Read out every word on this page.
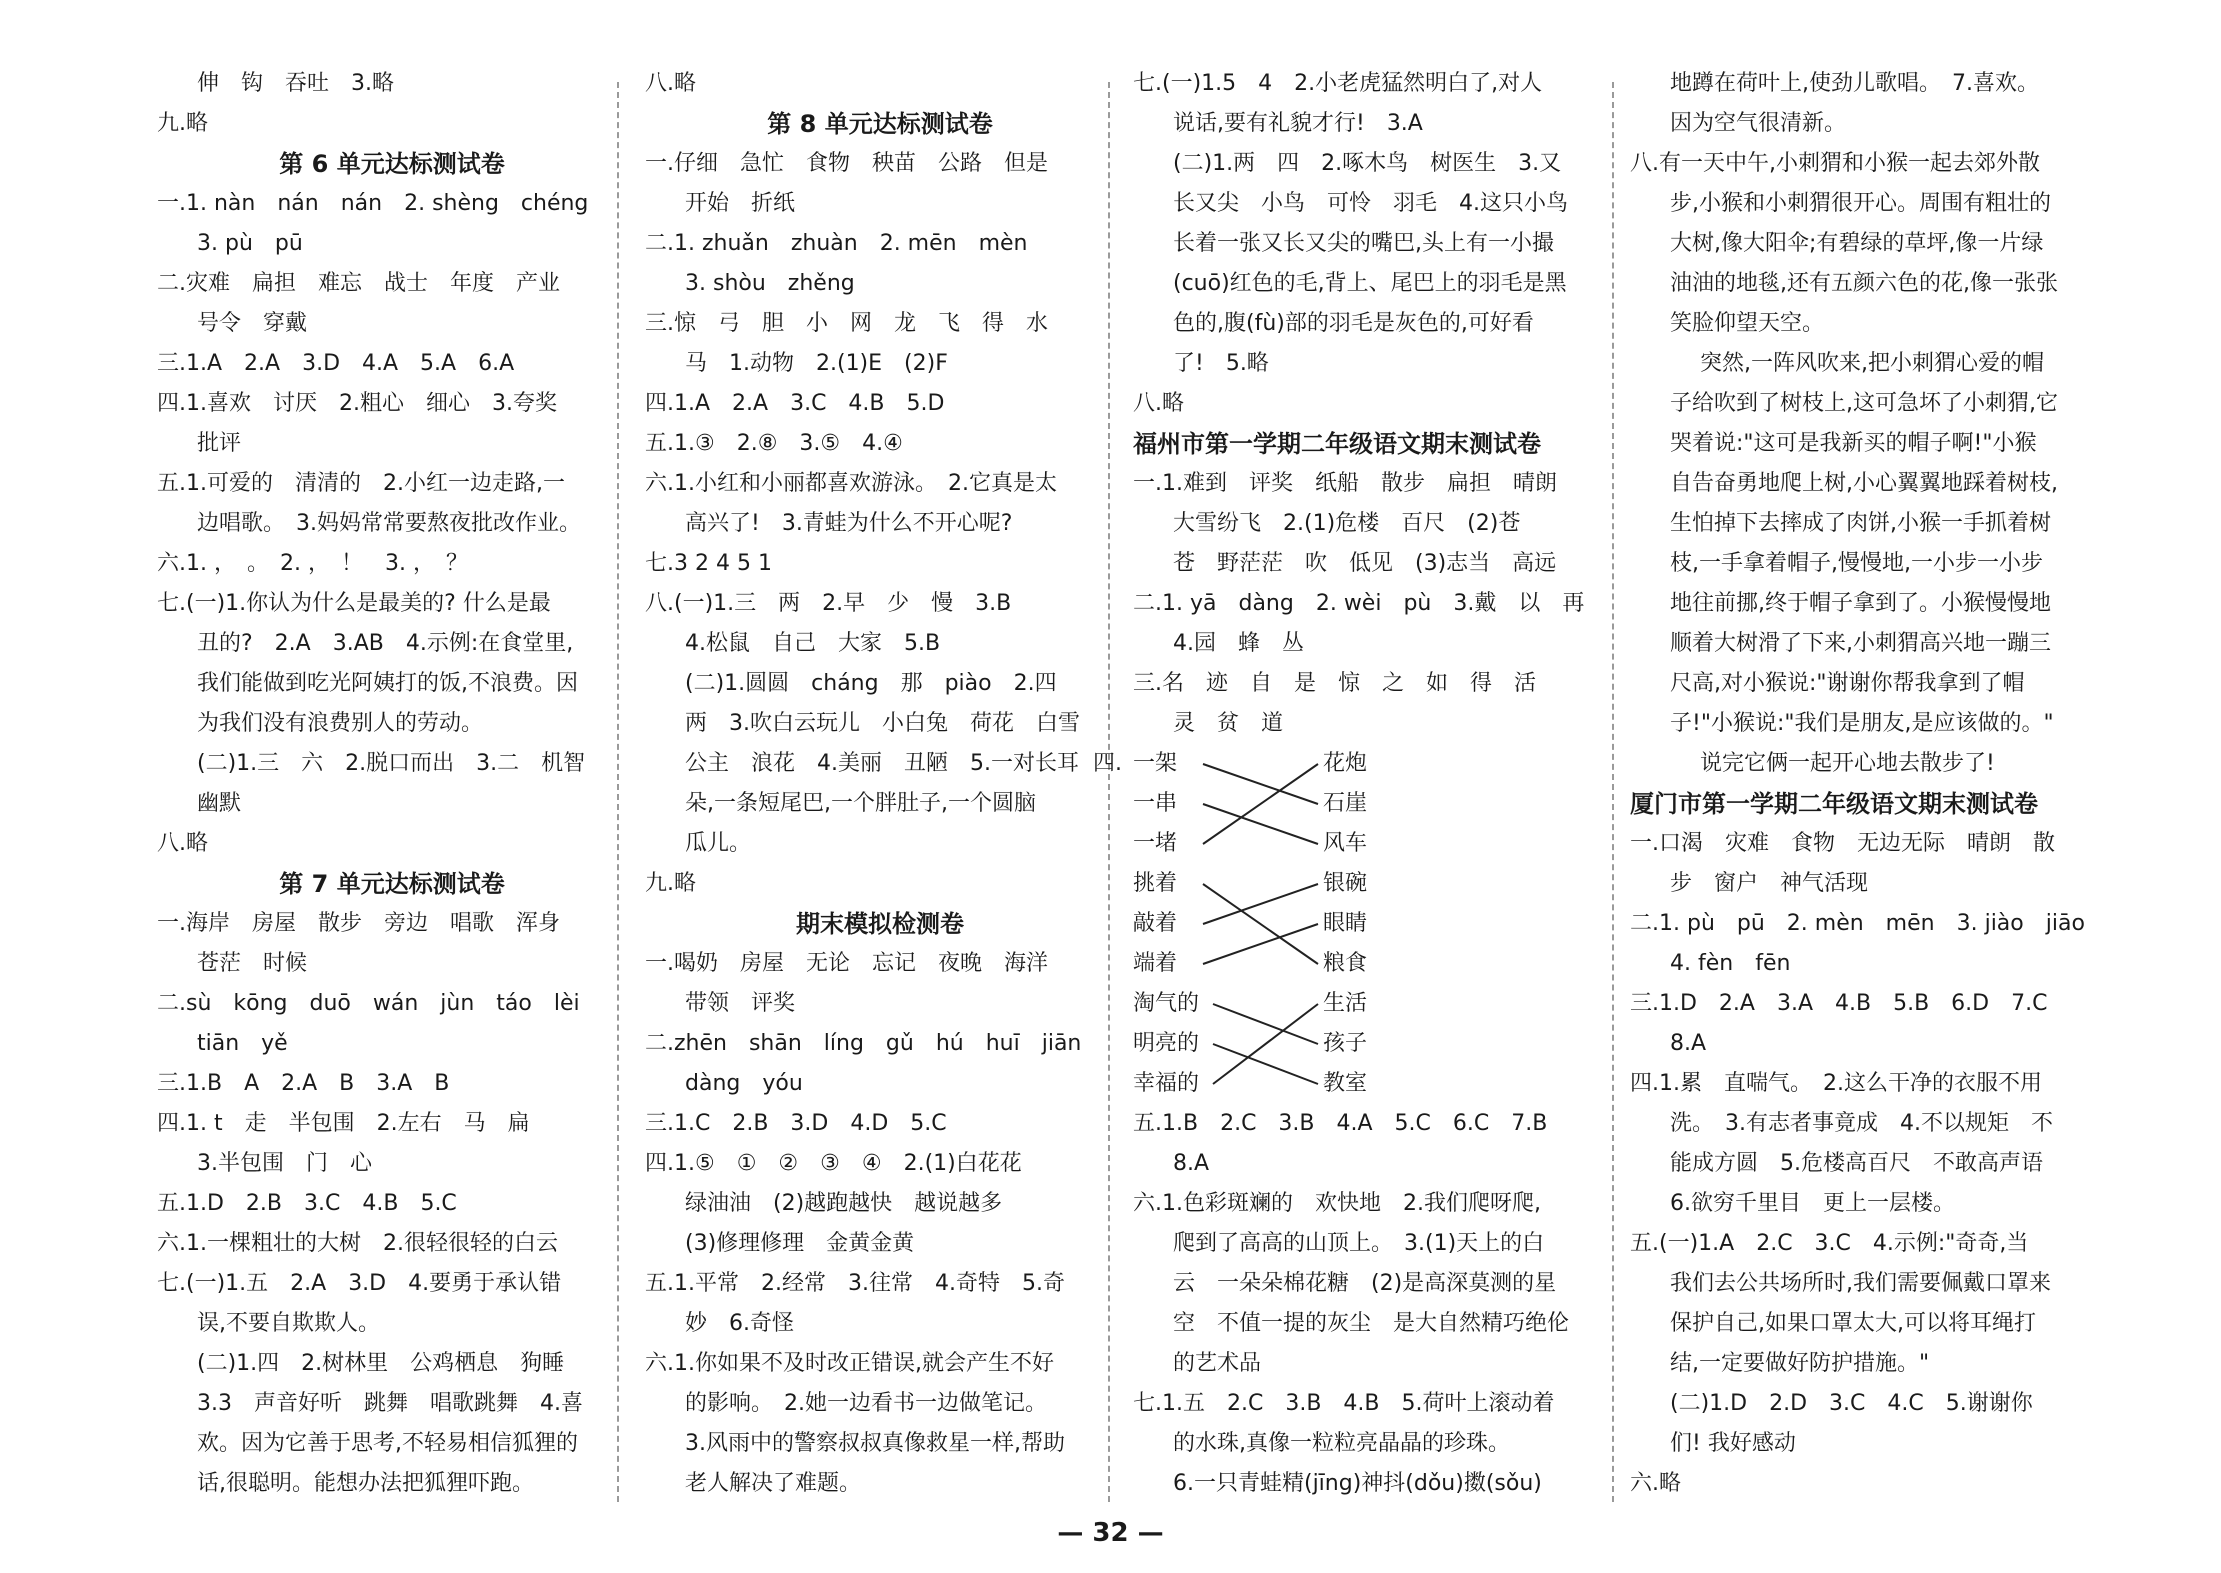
伸　钩　吞吐　3.略
九.略
第 6 单元达标测试卷
一.1. nàn　nán　nán　2. shèng　chéng
3. pù　pū
二.灾难　扁担　难忘　战士　年度　产业
号令　穿戴
三.1.A　2.A　3.D　4.A　5.A　6.A
四.1.喜欢　讨厌　2.粗心　细心　3.夸奖
批评
五.1.可爱的　清清的　2.小红一边走路,一
边唱歌。　3.妈妈常常要熬夜批改作业。
六.1. ，　。　2. ，　！　3. ，　？
七.(一)1.你认为什么是最美的? 什么是最
丑的?　2.A　3.AB　4.示例:在食堂里,
我们能做到吃光阿姨打的饭,不浪费。因
为我们没有浪费别人的劳动。
(二)1.三　六　2.脱口而出　3.二　机智
幽默
八.略
第 7 单元达标测试卷
一.海岸　房屋　散步　旁边　唱歌　浑身
苍茫　时候
二.sù　kōng　duō　wán　jùn　táo　lèi
tiān　yě
三.1.B　A　2.A　B　3.A　B
四.1. t　走　半包围　2.左右　马　扁
3.半包围　门　心
五.1.D　2.B　3.C　4.B　5.C
六.1.一棵粗壮的大树　2.很轻很轻的白云
七.(一)1.五　2.A　3.D　4.要勇于承认错
误,不要自欺欺人。
(二)1.四　2.树林里　公鸡栖息　狗睡
3.3　声音好听　跳舞　唱歌跳舞　4.喜
欢。因为它善于思考,不轻易相信狐狸的
话,很聪明。能想办法把狐狸吓跑。
八.略
第 8 单元达标测试卷
一.仔细　急忙　食物　秧苗　公路　但是
开始　折纸
二.1. zhuǎn　zhuàn　2. mēn　mèn
3. shòu　zhěng
三.惊　弓　胆　小　网　龙　飞　得　水
马　1.动物　2.(1)E　(2)F
四.1.A　2.A　3.C　4.B　5.D
五.1.③　2.⑧　3.⑤　4.④
六.1.小红和小丽都喜欢游泳。　2.它真是太
高兴了!　3.青蛙为什么不开心呢?
七.3 2 4 5 1
八.(一)1.三　两　2.早　少　慢　3.B
4.松鼠　自己　大家　5.B
(二)1.圆圆　cháng　那　piào　2.四
两　3.吹白云玩儿　小白兔　荷花　白雪
公主　浪花　4.美丽　丑陋　5.一对长耳
朵,一条短尾巴,一个胖肚子,一个圆脑
瓜儿。
九.略
期末模拟检测卷
一.喝奶　房屋　无论　忘记　夜晚　海洋
带领　评奖
二.zhēn　shān　líng　gǔ　hú　huī　jiān
dàng　yóu
三.1.C　2.B　3.D　4.D　5.C
四.1.⑤　①　②　③　④　2.(1)白花花
绿油油　(2)越跑越快　越说越多
(3)修理修理　金黄金黄
五.1.平常　2.经常　3.往常　4.奇特　5.奇
妙　6.奇怪
六.1.你如果不及时改正错误,就会产生不好
的影响。　2.她一边看书一边做笔记。
3.风雨中的警察叔叔真像救星一样,帮助
老人解决了难题。
七.(一)1.5　4　2.小老虎猛然明白了,对人
说话,要有礼貌才行!　3.A
(二)1.两　四　2.啄木鸟　树医生　3.又
长又尖　小鸟　可怜　羽毛　4.这只小鸟
长着一张又长又尖的嘴巴,头上有一小撮
(cuō)红色的毛,背上、尾巴上的羽毛是黑
色的,腹(fù)部的羽毛是灰色的,可好看
了!　5.略
八.略
福州市第一学期二年级语文期末测试卷
一.1.难到　评奖　纸船　散步　扁担　晴朗
大雪纷飞　2.(1)危楼　百尺　(2)苍
苍　野茫茫　吹　低见　(3)志当　高远
二.1. yā　dàng　2. wèi　pù　3.戴　以　再
4.园　蜂　丛
三.名　迹　自　是　惊　之　如　得　活
灵　贫　道
四. 一架
一串
一堵
挑着
敲着
端着
淘气的
明亮的
幸福的
花炮
石崖
风车
银碗
眼睛
粮食
生活
孩子
教室
五.1.B　2.C　3.B　4.A　5.C　6.C　7.B
8.A
六.1.色彩斑斓的　欢快地　2.我们爬呀爬,
爬到了高高的山顶上。　3.(1)天上的白
云　一朵朵棉花糖　(2)是高深莫测的星
空　不值一提的灰尘　是大自然精巧绝伦
的艺术品
七.1.五　2.C　3.B　4.B　5.荷叶上滚动着
的水珠,真像一粒粒亮晶晶的珍珠。
6.一只青蛙精(jīng)神抖(dǒu)擞(sǒu)
地蹲在荷叶上,使劲儿歌唱。　7.喜欢。
因为空气很清新。
八.有一天中午,小刺猬和小猴一起去郊外散
步,小猴和小刺猬很开心。周围有粗壮的
大树,像大阳伞;有碧绿的草坪,像一片绿
油油的地毯,还有五颜六色的花,像一张张
笑脸仰望天空。
突然,一阵风吹来,把小刺猬心爱的帽
子给吹到了树枝上,这可急坏了小刺猬,它
哭着说:"这可是我新买的帽子啊!"小猴
自告奋勇地爬上树,小心翼翼地踩着树枝,
生怕掉下去摔成了肉饼,小猴一手抓着树
枝,一手拿着帽子,慢慢地,一小步一小步
地往前挪,终于帽子拿到了。小猴慢慢地
顺着大树滑了下来,小刺猬高兴地一蹦三
尺高,对小猴说:"谢谢你帮我拿到了帽
子!"小猴说:"我们是朋友,是应该做的。"
说完它俩一起开心地去散步了!
厦门市第一学期二年级语文期末测试卷
一.口渴　灾难　食物　无边无际　晴朗　散
步　窗户　神气活现
二.1. pù　pū　2. mèn　mēn　3. jiào　jiāo
4. fèn　fēn
三.1.D　2.A　3.A　4.B　5.B　6.D　7.C
8.A
四.1.累　直喘气。　2.这么干净的衣服不用
洗。　3.有志者事竟成　4.不以规矩　不
能成方圆　5.危楼高百尺　不敢高声语
6.欲穷千里目　更上一层楼。
五.(一)1.A　2.C　3.C　4.示例:"奇奇,当
我们去公共场所时,我们需要佩戴口罩来
保护自己,如果口罩太大,可以将耳绳打
结,一定要做好防护措施。"
(二)1.D　2.D　3.C　4.C　5.谢谢你
们! 我好感动
六.略
— 32 —
